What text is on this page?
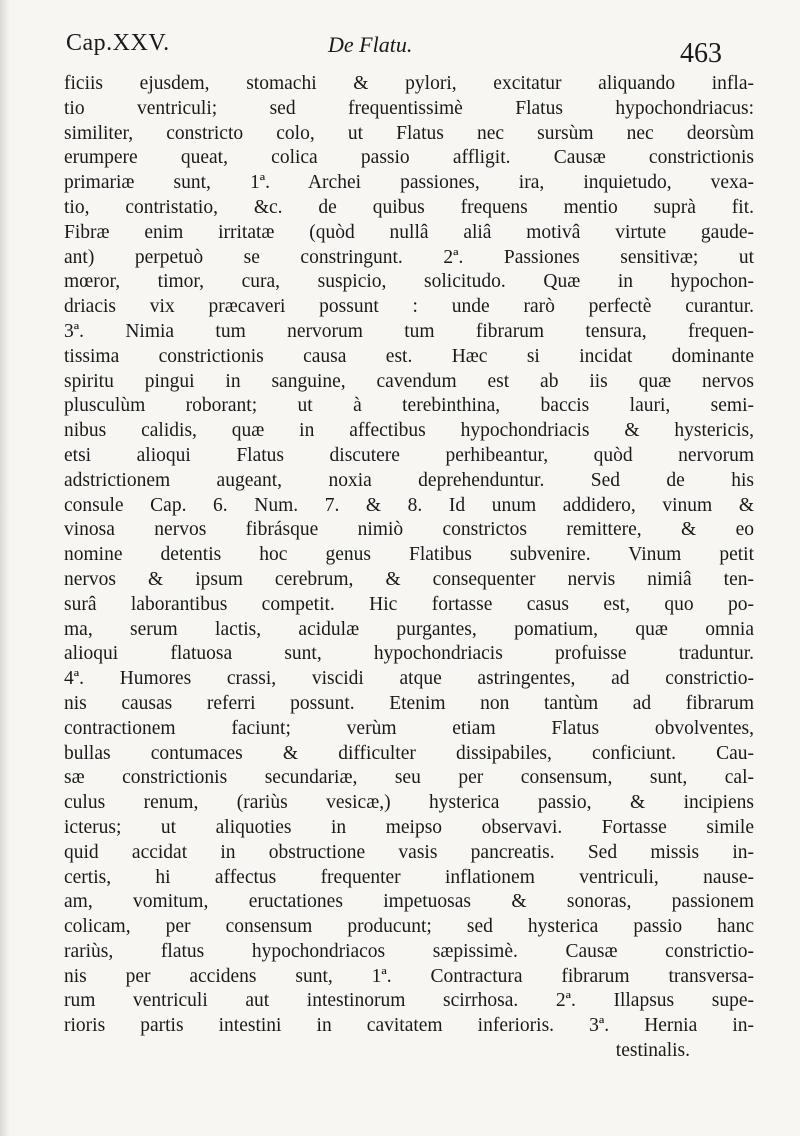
Cap.XXV.	De Flatu.	463
ficiis ejusdem, stomachi & pylori, excitatur aliquando infla-
tio ventriculi; sed frequentissimè Flatus hypochondriacus:
similiter, constricto colo, ut Flatus nec sursùm nec deorsùm
erumpere queat, colica passio affligit. Causæ constrictionis
primariæ sunt, 1ª. Archei passiones, ira, inquietudo, vexa-
tio, contristatio, &c. de quibus frequens mentio suprà fit.
Fibræ enim irritatæ (quòd nullâ aliâ motivâ virtute gaude-
ant) perpetuò se constringunt. 2ª. Passiones sensitivæ; ut
mœror, timor, cura, suspicio, solicitudo. Quæ in hypochon-
driacis vix præcaveri possunt : unde rarò perfectè curantur.
3ª. Nimia tum nervorum tum fibrarum tensura, frequen-
tissima constrictionis causa est. Hæc si incidat dominante
spiritu pingui in sanguine, cavendum est ab iis quæ nervos
plusculùm roborant; ut à terebinthina, baccis lauri, semi-
nibus calidis, quæ in affectibus hypochondriacis & hystericis,
etsi alioqui Flatus discutere perhibeantur, quòd nervorum
adstrictionem augeant, noxia deprehenduntur. Sed de his
consule Cap. 6. Num. 7. & 8. Id unum addidero, vinum &
vinosa nervos fibrásque nimiò constrictos remittere, & eo
nomine detentis hoc genus Flatibus subvenire. Vinum petit
nervos & ipsum cerebrum, & consequenter nervis nimiâ ten-
surâ laborantibus competit. Hic fortasse casus est, quo po-
ma, serum lactis, acidulæ purgantes, pomatium, quæ omnia
alioqui flatuosa sunt, hypochondriacis profuisse traduntur.
4ª. Humores crassi, viscidi atque astringentes, ad constrictio-
nis causas referri possunt. Etenim non tantùm ad fibrarum
contractionem faciunt; verùm etiam Flatus obvolventes,
bullas contumaces & difficulter dissipabiles, conficiunt. Cau-
sæ constrictionis secundariæ, seu per consensum, sunt, cal-
culus renum, (rariùs vesicæ,) hysterica passio, & incipiens
icterus; ut aliquoties in meipso observavi. Fortasse simile
quid accidat in obstructione vasis pancreatis. Sed missis in-
certis, hi affectus frequenter inflationem ventriculi, nause-
am, vomitum, eructationes impetuosas & sonoras, passionem
colicam, per consensum producunt; sed hysterica passio hanc
rariùs, flatus hypochondriacos sæpissimè. Causæ constrictio-
nis per accidens sunt, 1ª. Contractura fibrarum transversa-
rum ventriculi aut intestinorum scirrhosa. 2ª. Illapsus supe-
rioris partis intestini in cavitatem inferioris. 3ª. Hernia in-
testinalis.
